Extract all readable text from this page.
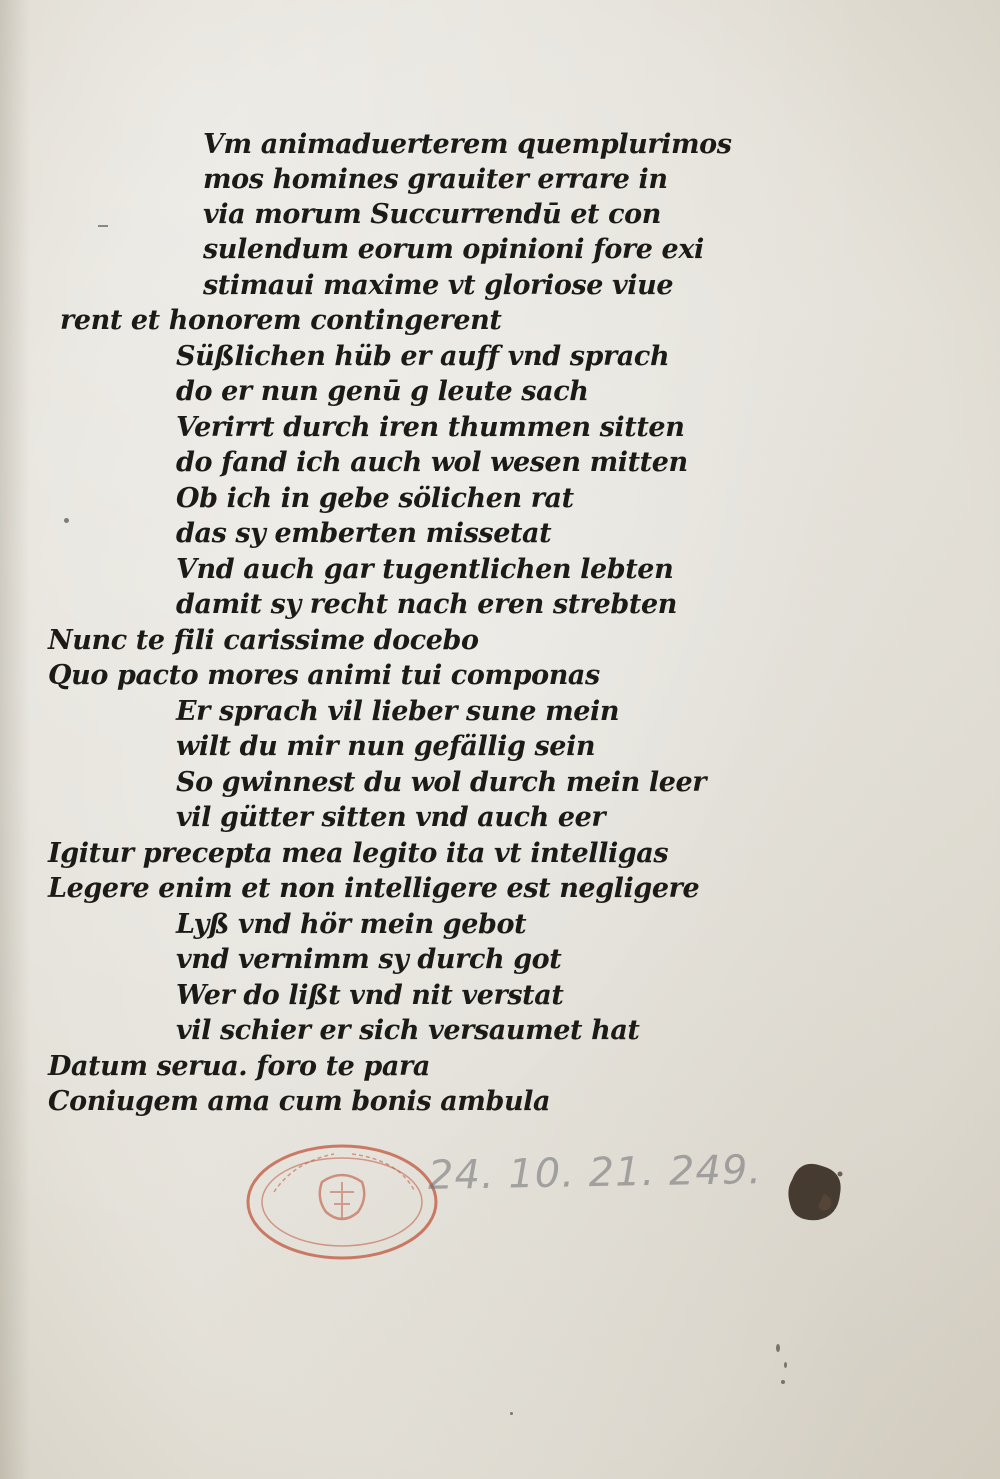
Vm animaduerterem quemplurimos
mos homines grauiter errare in
via morum Succurrendū et con
sulendum eorum opinioni fore exi
stimaui maxime vt gloriose viue
rent et honorem contingerent
Süßlichen hüb er auff vnd sprach
do er nun genū g leute sach
Verirrt durch iren thummen sitten
do fand ich auch wol wesen mitten
Ob ich in gebe sölichen rat
das sy emberten missetat
Vnd auch gar tugentlichen lebten
damit sy recht nach eren strebten
Nunc te fili carissime docebo
Quo pacto mores animi tui componas
Er sprach vil lieber sune mein
wilt du mir nun gefällig sein
So gwinnest du wol durch mein leer
vil gütter sitten vnd auch eer
Igitur precepta mea legito ita vt intelligas
Legere enim et non intelligere est negligere
Lyß vnd hör mein gebot
vnd vernimm sy durch got
Wer do lißt vnd nit verstat
vil schier er sich versaumet hat
Datum serua. foro te para
Coniugem ama cum bonis ambula
24. 10. 21. 249.
